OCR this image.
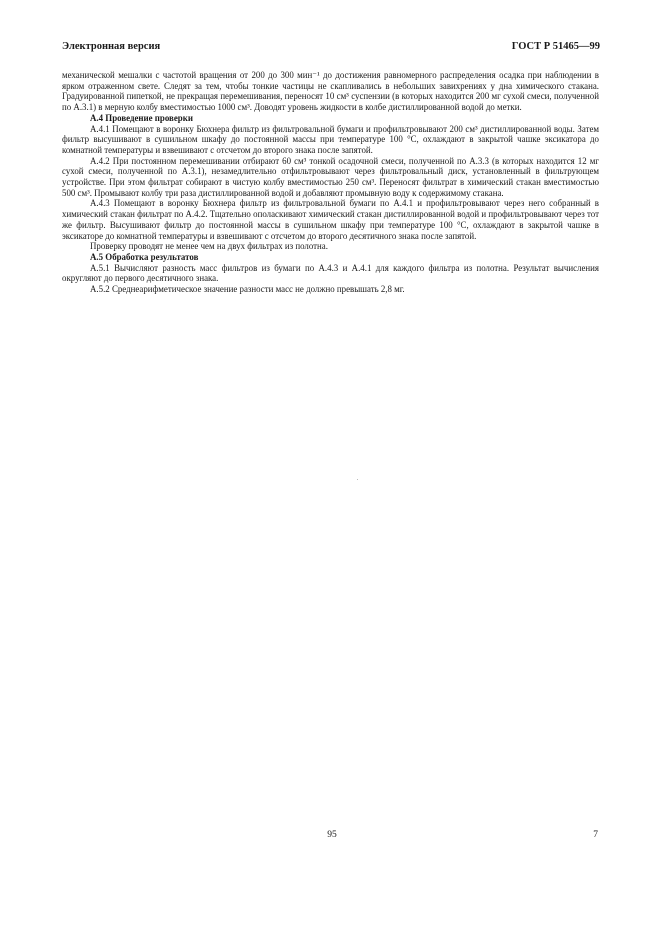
Электронная версия	ГОСТ Р 51465—99

механической мешалки с частотой вращения от 200 до 300 мин⁻¹ до достижения равномерного распределения осадка при наблюдении в ярком отраженном свете. Следят за тем, чтобы тонкие частицы не скапливались в небольших завихрениях у дна химического стакана. Градуированной пипеткой, не прекращая перемешивания, переносят 10 см³ суспензии (в которых находится 200 мг сухой смеси, полученной по А.3.1) в мерную колбу вместимостью 1000 см³. Доводят уровень жидкости в колбе дистиллированной водой до метки.

А.4 Проведение проверки

А.4.1 Помещают в воронку Бюхнера фильтр из фильтровальной бумаги и профильтровывают 200 см³ дистиллированной воды. Затем фильтр высушивают в сушильном шкафу до постоянной массы при температуре 100 °С, охлаждают в закрытой чашке эксикатора до комнатной температуры и взвешивают с отсчетом до второго знака после запятой.

А.4.2 При постоянном перемешивании отбирают 60 см³ тонкой осадочной смеси, полученной по А.3.3 (в которых находится 12 мг сухой смеси, полученной по А.3.1), незамедлительно отфильтровывают через фильтровальный диск, установленный в фильтрующем устройстве. При этом фильтрат собирают в чистую колбу вместимостью 250 см³. Переносят фильтрат в химический стакан вместимостью 500 см³. Промывают колбу три раза дистиллированной водой и добавляют промывную воду к содержимому стакана.

А.4.3 Помещают в воронку Бюхнера фильтр из фильтровальной бумаги по А.4.1 и профильтровывают через него собранный в химический стакан фильтрат по А.4.2. Тщательно ополаскивают химический стакан дистиллированной водой и профильтровывают через тот же фильтр. Высушивают фильтр до постоянной массы в сушильном шкафу при температуре 100 °С, охлаждают в закрытой чашке в эксикаторе до комнатной температуры и взвешивают с отсчетом до второго десятичного знака после запятой.

Проверку проводят не менее чем на двух фильтрах из полотна.

А.5 Обработка результатов

А.5.1 Вычисляют разность масс фильтров из бумаги по А.4.3 и А.4.1 для каждого фильтра из полотна. Результат вычисления округляют до первого десятичного знака.

А.5.2 Среднеарифметическое значение разности масс не должно превышать 2,8 мг.

95	7
